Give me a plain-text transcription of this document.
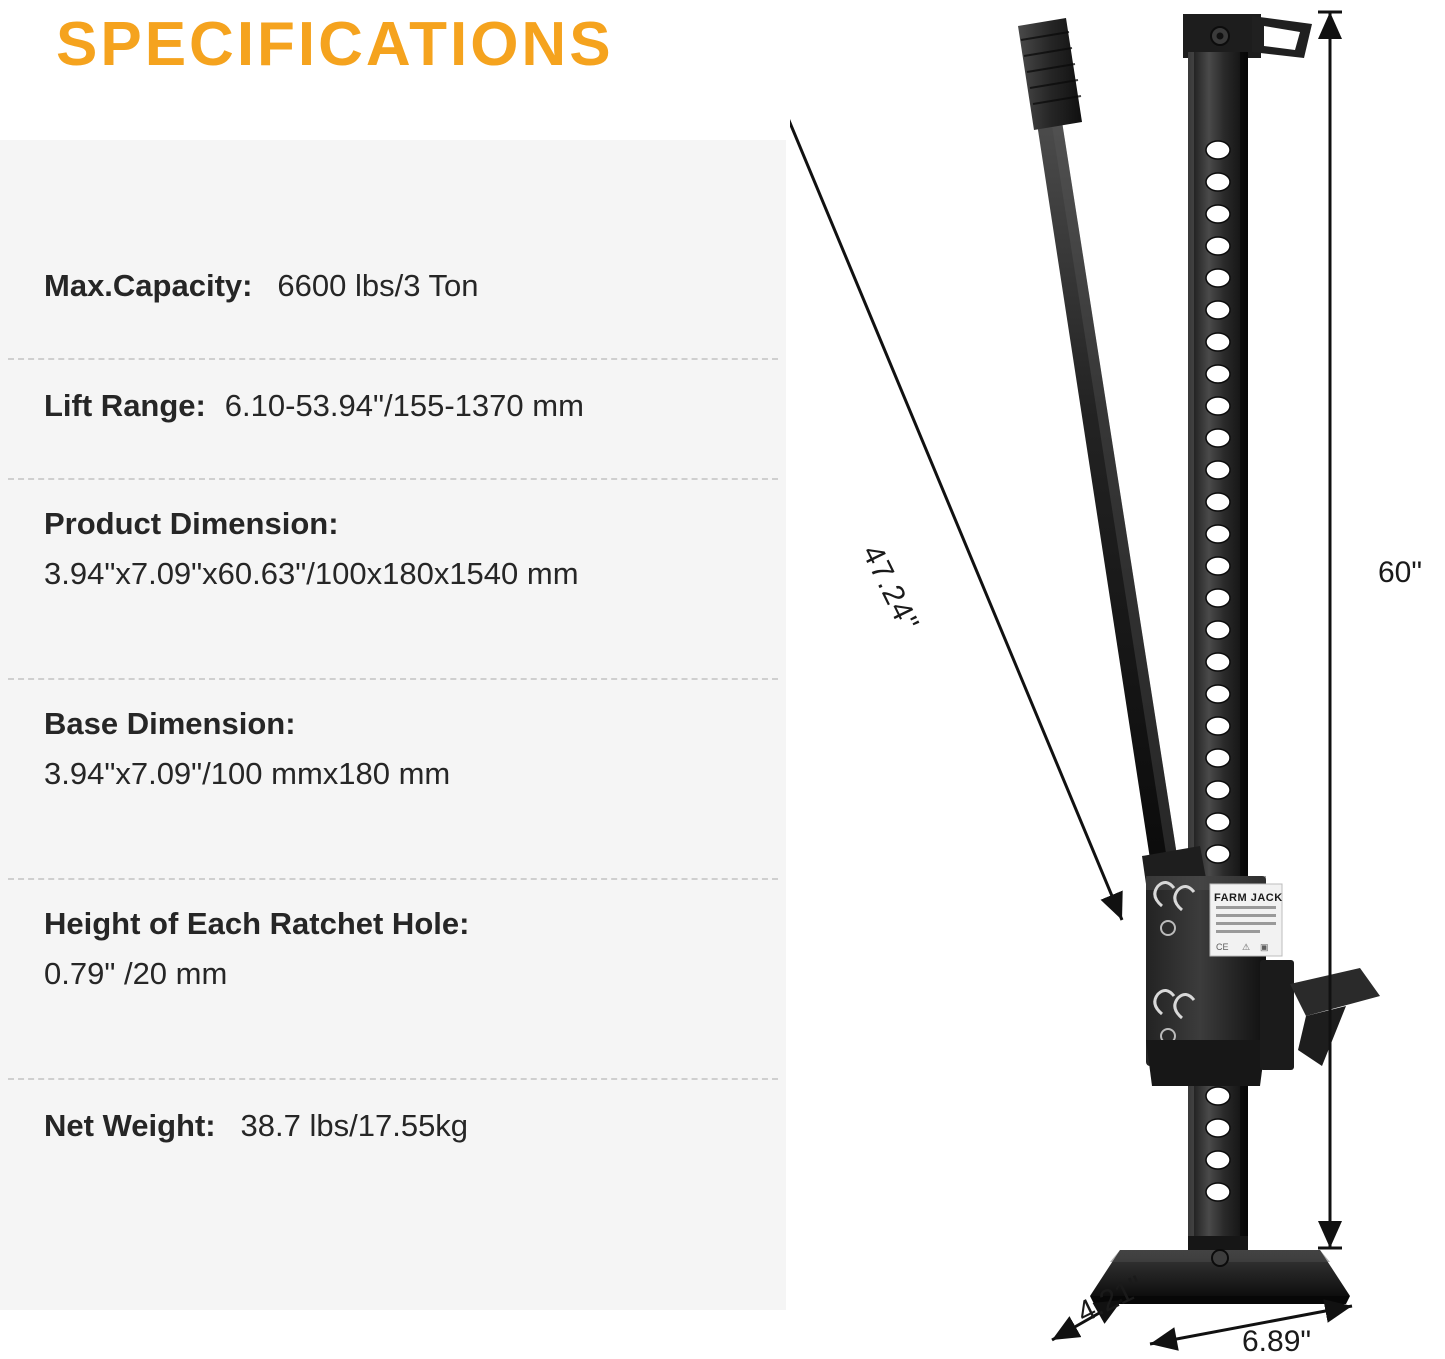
SPECIFICATIONS
Max.Capacity: 6600 lbs/3 Ton
Lift Range: 6.10-53.94"/155-1370 mm
Product Dimension:
3.94"x7.09"x60.63"/100x180x1540 mm
Base Dimension:
3.94"x7.09"/100 mmx180 mm
Height of Each Ratchet Hole:
0.79" /20 mm
Net Weight: 38.7 lbs/17.55kg
CE ⚠ ▣
FARM JACK
47.24"	60"
4.21"
6.89"
